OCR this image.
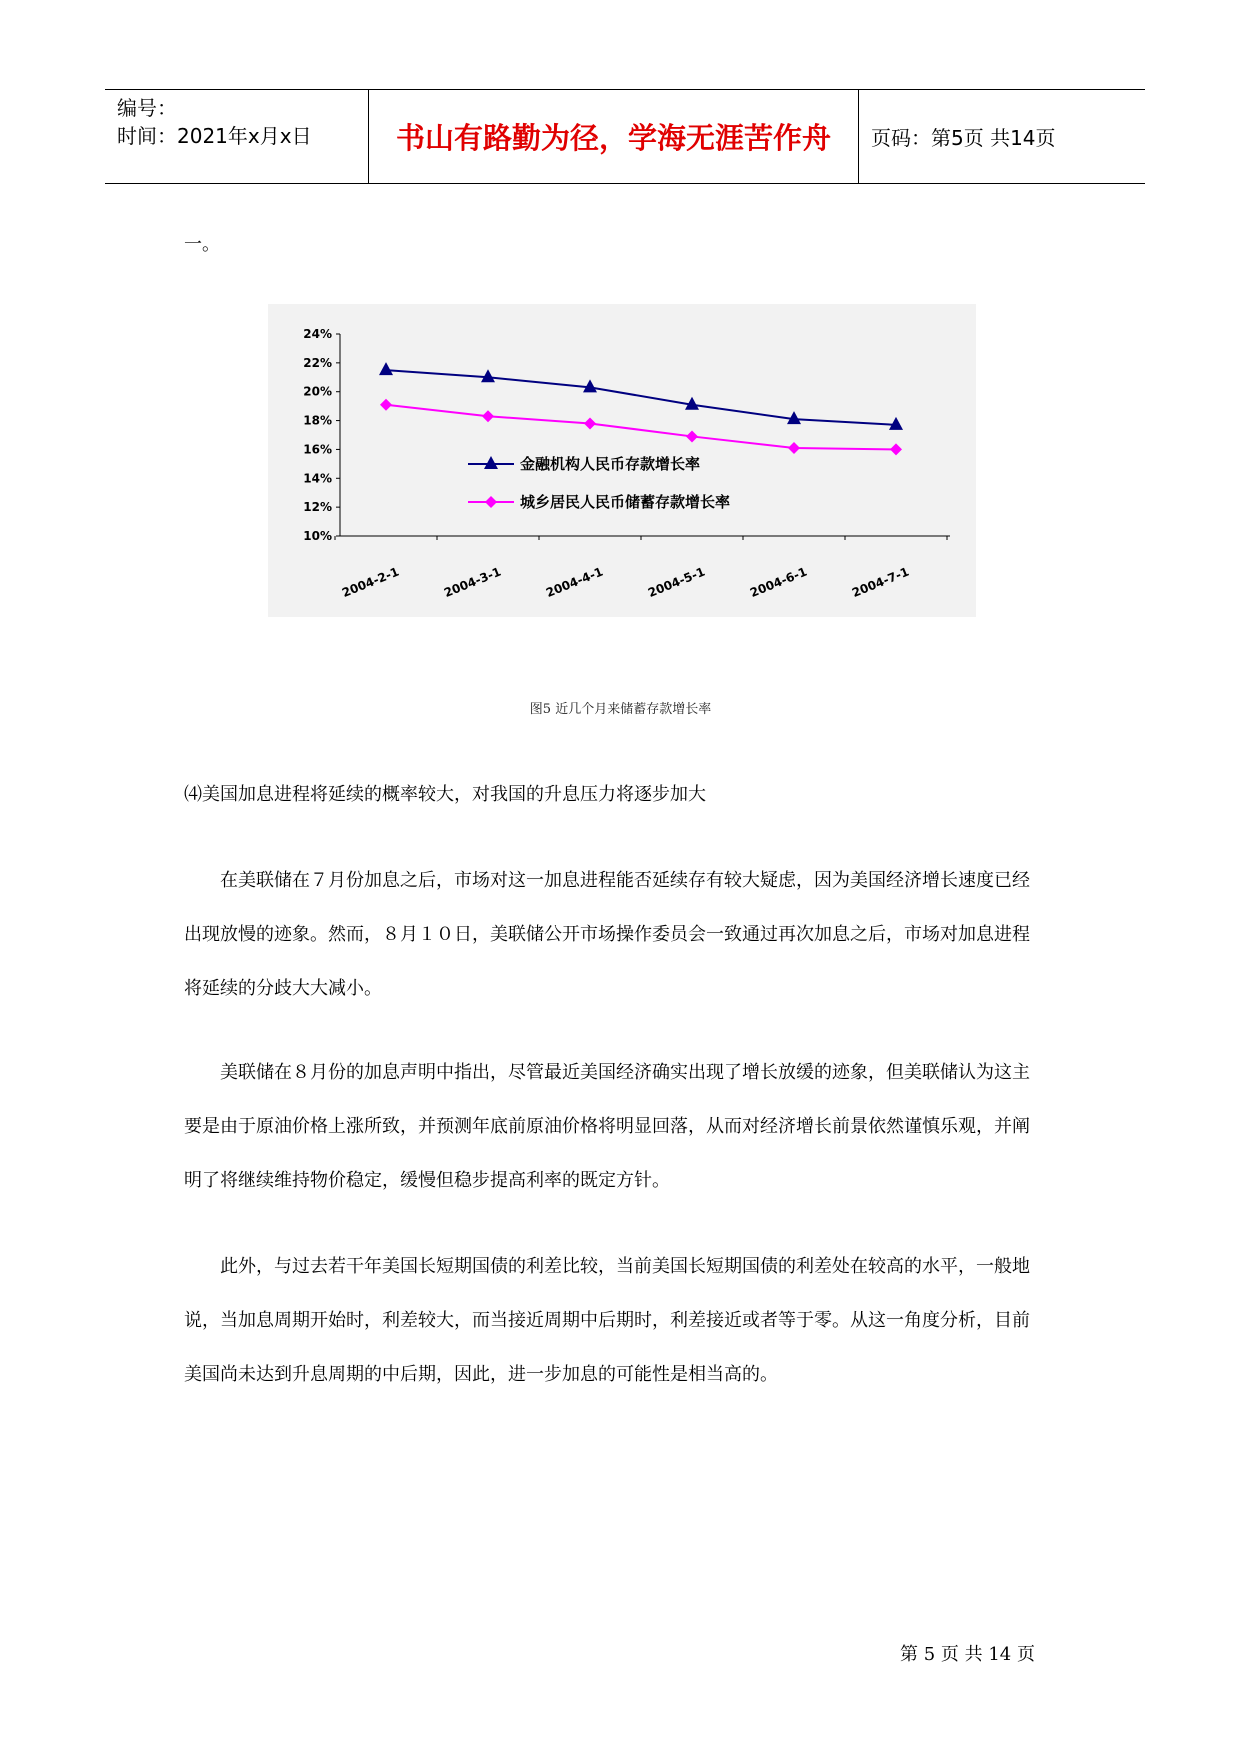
编号：
时间：2021年x月x日	书山有路勤为径，学海无涯苦作舟	页码：第5页 共14页
一。
24%
22%
20%
18%
16%
14%
12%
10%
2004-2-1	2004-3-1	2004-4-1	2004-5-1	2004-6-1	2004-7-1
金融机构人民币存款增长率
城乡居民人民币储蓄存款增长率
图5 近几个月来储蓄存款增长率
⑷美国加息进程将延续的概率较大，对我国的升息压力将逐步加大
在美联储在７月份加息之后，市场对这一加息进程能否延续存有较大疑虑，因为美国经济增长速度已经
出现放慢的迹象。然而，８月１０日，美联储公开市场操作委员会一致通过再次加息之后，市场对加息进程
将延续的分歧大大减小。
美联储在８月份的加息声明中指出，尽管最近美国经济确实出现了增长放缓的迹象，但美联储认为这主
要是由于原油价格上涨所致，并预测年底前原油价格将明显回落，从而对经济增长前景依然谨慎乐观，并阐
明了将继续维持物价稳定，缓慢但稳步提高利率的既定方针。
此外，与过去若干年美国长短期国债的利差比较，当前美国长短期国债的利差处在较高的水平，一般地
说，当加息周期开始时，利差较大，而当接近周期中后期时，利差接近或者等于零。从这一角度分析，目前
美国尚未达到升息周期的中后期，因此，进一步加息的可能性是相当高的。
第 5 页 共 14 页
